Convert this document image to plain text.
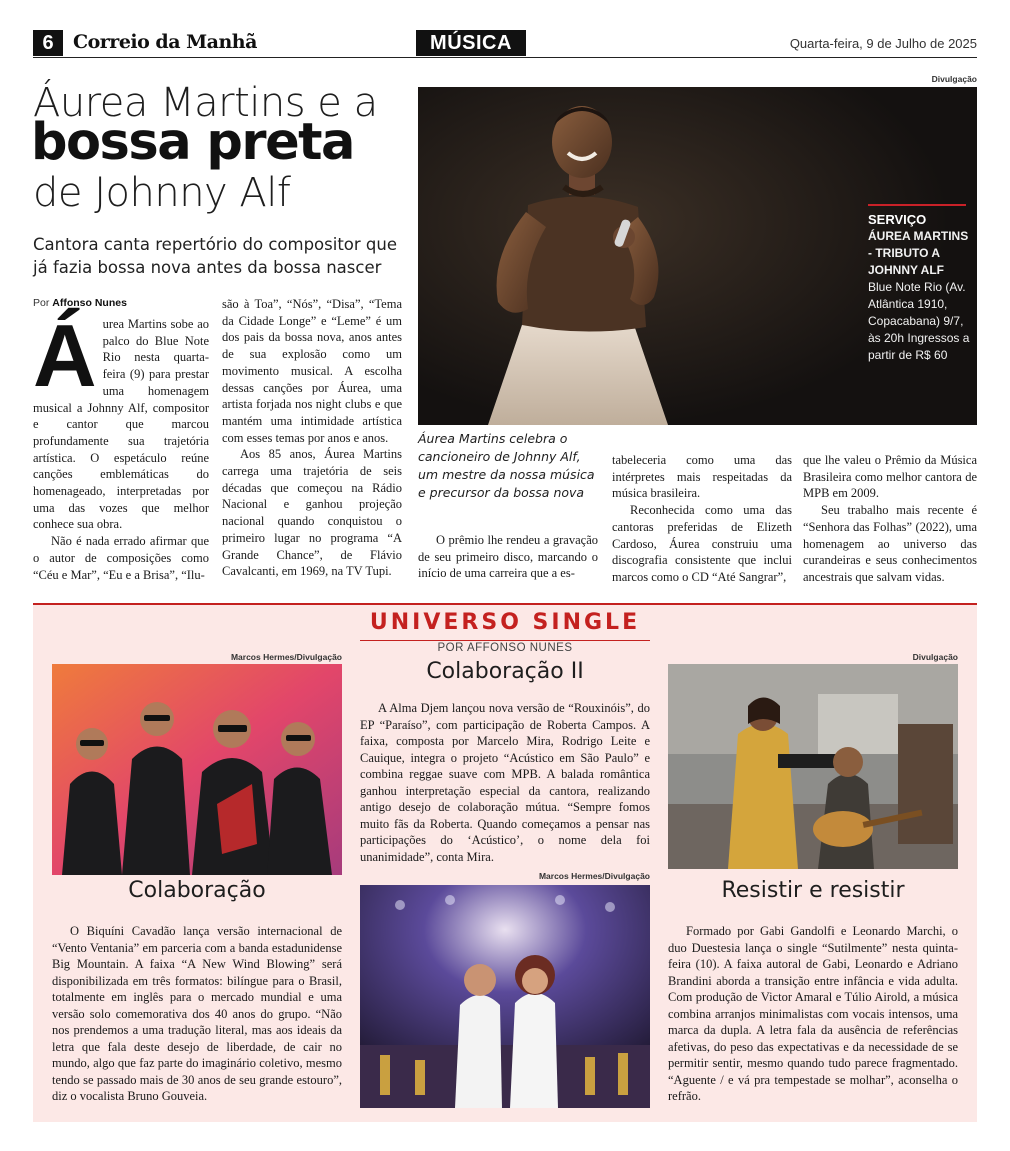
6	Correio da Manhã	MÚSICA	Quarta-feira, 9 de Julho de 2025
Áurea Martins e a
bossa preta
de Johnny Alf
Cantora canta repertório do compositor que já fazia bossa nova antes da bossa nascer
Por Affonso Nunes

Áurea Martins sobe ao palco do Blue Note Rio nesta quarta-feira (9) para prestar uma homenagem musical a Johnny Alf, compositor e cantor que marcou profundamente sua trajetória artística. O espetáculo reúne canções emblemáticas do homenageado, interpretadas por uma das vozes que melhor conhece sua obra.

Não é nada errado afirmar que o autor de composições como “Céu e Mar”, “Eu e a Brisa”, “Ilu-

são à Toa”, “Nós”, “Disa”, “Tema da Cidade Longe” e “Leme” é um dos pais da bossa nova, anos antes de sua explosão como um movimento musical. A escolha dessas canções por Áurea, uma artista forjada nos night clubs e que mantém uma intimidade artística com esses temas por anos e anos.

Aos 85 anos, Áurea Martins carrega uma trajetória de seis décadas que começou na Rádio Nacional e ganhou projeção nacional quando conquistou o primeiro lugar no programa “A Grande Chance”, de Flávio Cavalcanti, em 1969, na TV Tupi.

Divulgação
SERVIÇO
ÁUREA MARTINS - TRIBUTO A JOHNNY ALF
Blue Note Rio (Av. Atlântica 1910, Copacabana) 9/7, às 20h Ingressos a partir de R$ 60
Áurea Martins celebra o cancioneiro de Johnny Alf, um mestre da nossa música e precursor da bossa nova

O prêmio lhe rendeu a gravação de seu primeiro disco, marcando o início de uma carreira que a es-

tabeleceria como uma das intérpretes mais respeitadas da música brasileira.

Reconhecida como uma das cantoras preferidas de Elizeth Cardoso, Áurea construiu uma discografia consistente que inclui marcos como o CD “Até Sangrar”,

que lhe valeu o Prêmio da Música Brasileira como melhor cantora de MPB em 2009.

Seu trabalho mais recente é “Senhora das Folhas” (2022), uma homenagem ao universo das curandeiras e seus conhecimentos ancestrais que salvam vidas.

UNIVERSO SINGLE
POR AFFONSO NUNES
Marcos Hermes/Divulgação
Colaboração
O Biquíni Cavadão lança versão internacional de “Vento Ventania” em parceria com a banda estadunidense Big Mountain. A faixa “A New Wind Blowing” será disponibilizada em três formatos: bilíngue para o Brasil, totalmente em inglês para o mercado mundial e uma versão solo comemorativa dos 40 anos do grupo. “Não nos prendemos a uma tradução literal, mas aos ideais da letra que fala deste desejo de liberdade, de cair no mundo, algo que faz parte do imaginário coletivo, mesmo tendo se passado mais de 30 anos de seu grande estouro”, diz o vocalista Bruno Gouveia.
Colaboração II
A Alma Djem lançou nova versão de “Rouxinóis”, do EP “Paraíso”, com participação de Roberta Campos. A faixa, composta por Marcelo Mira, Rodrigo Leite e Cauique, integra o projeto “Acústico em São Paulo” e combina reggae suave com MPB. A balada romântica ganhou interpretação especial da cantora, realizando antigo desejo de colaboração mútua. “Sempre fomos muito fãs da Roberta. Quando começamos a pensar nas participações do ‘Acústico’, o nome dela foi unanimidade”, conta Mira.
Marcos Hermes/Divulgação
Divulgação
Resistir e resistir
Formado por Gabi Gandolfi e Leonardo Marchi, o duo Duestesia lança o single “Sutilmente” nesta quinta-feira (10). A faixa autoral de Gabi, Leonardo e Adriano Brandini aborda a transição entre infância e vida adulta. Com produção de Victor Amaral e Túlio Airold, a música combina arranjos minimalistas com vocais intensos, uma marca da dupla. A letra fala da ausência de referências afetivas, do peso das expectativas e da necessidade de se permitir sentir, mesmo quando tudo parece fragmentado. “Aguente / e vá pra tempestade se molhar”, aconselha o refrão.
